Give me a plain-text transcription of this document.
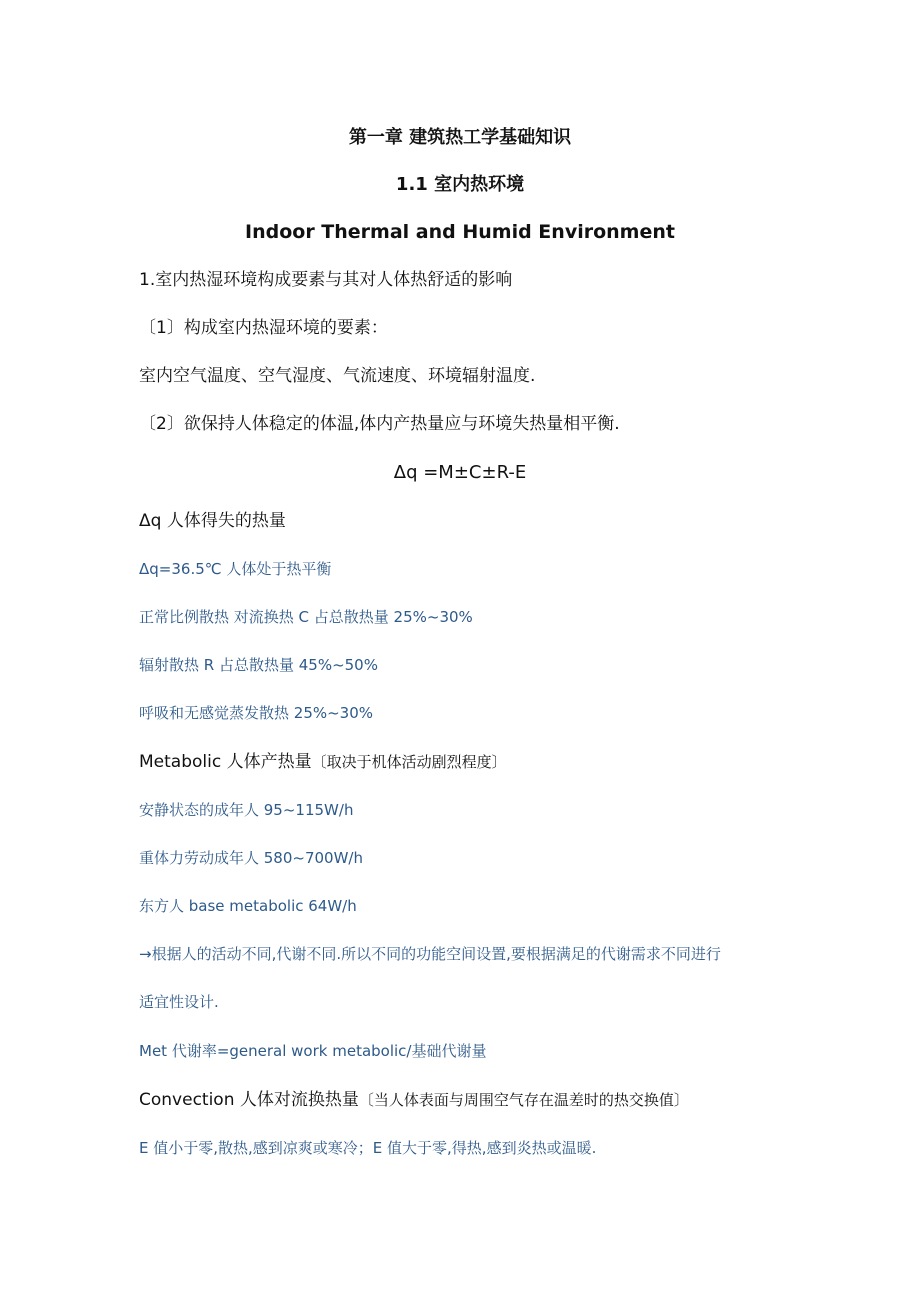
第一章 建筑热工学基础知识
1.1 室内热环境
Indoor Thermal and Humid Environment
1.室内热湿环境构成要素与其对人体热舒适的影响
〔1〕构成室内热湿环境的要素：
室内空气温度、空气湿度、气流速度、环境辐射温度.
〔2〕欲保持人体稳定的体温,体内产热量应与环境失热量相平衡.
Δq =M±C±R-E
Δq 人体得失的热量
Δq=36.5℃ 人体处于热平衡
正常比例散热 对流换热 C 占总散热量 25%~30%
辐射散热 R 占总散热量 45%~50%
呼吸和无感觉蒸发散热 25%~30%
Metabolic 人体产热量〔取决于机体活动剧烈程度〕
安静状态的成年人 95~115W/h
重体力劳动成年人 580~700W/h
东方人 base metabolic 64W/h
→根据人的活动不同,代谢不同.所以不同的功能空间设置,要根据满足的代谢需求不同进行
适宜性设计.
Met 代谢率=general work metabolic/基础代谢量
Convection 人体对流换热量〔当人体表面与周围空气存在温差时的热交换值〕
E 值小于零,散热,感到凉爽或寒冷；E 值大于零,得热,感到炎热或温暖.
